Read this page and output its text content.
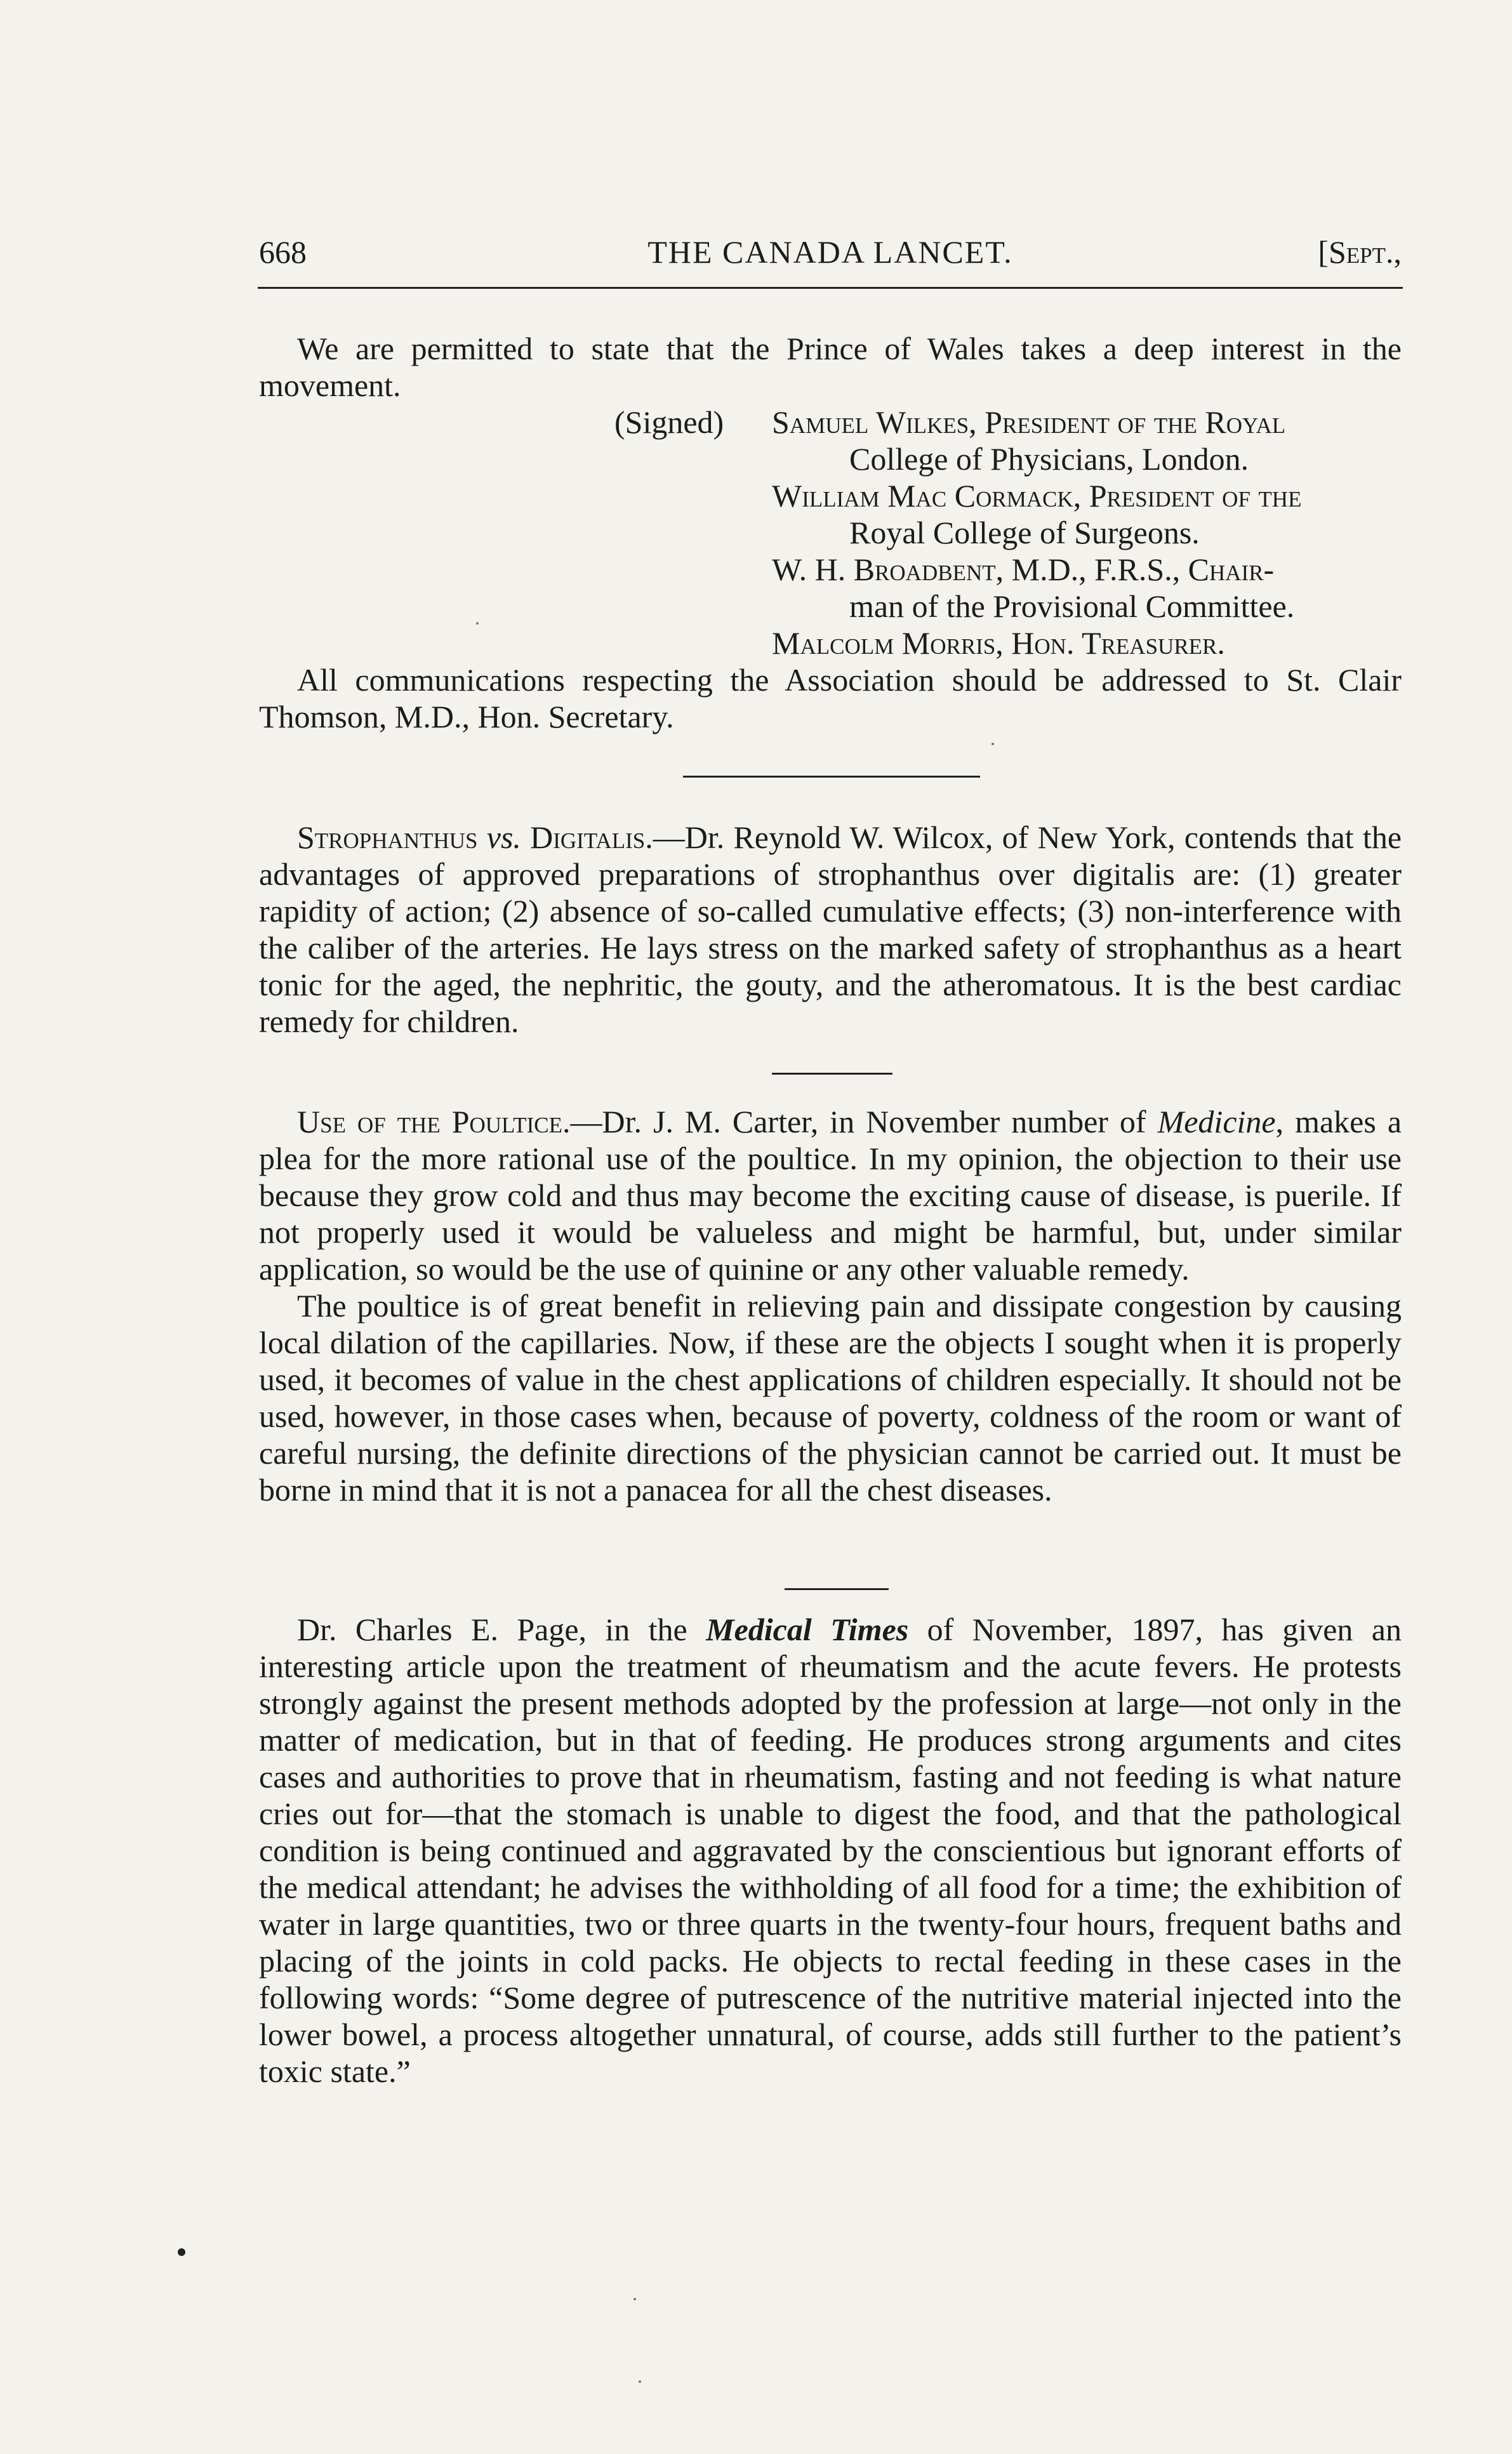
668	THE CANADA LANCET.	[Sept.,

We are permitted to state that the Prince of Wales takes a deep interest in the movement.

(Signed) Samuel Wilkes, President of the Royal
College of Physicians, London.
William Mac Cormack, President of the
Royal College of Surgeons.
W. H. Broadbent, M.D., F.R.S., Chair-
man of the Provisional Committee.
Malcolm Morris, Hon. Treasurer.

All communications respecting the Association should be addressed to St. Clair Thomson, M.D., Hon. Secretary.

Strophanthus vs. Digitalis.—Dr. Reynold W. Wilcox, of New York, contends that the advantages of approved preparations of strophanthus over digitalis are: (1) greater rapidity of action; (2) absence of so-called cumulative effects; (3) non-interference with the caliber of the arteries. He lays stress on the marked safety of strophanthus as a heart tonic for the aged, the nephritic, the gouty, and the atheromatous. It is the best cardiac remedy for children.

Use of the Poultice.—Dr. J. M. Carter, in November number of Medicine, makes a plea for the more rational use of the poultice. In my opinion, the objection to their use because they grow cold and thus may become the exciting cause of disease, is puerile. If not properly used it would be valueless and might be harmful, but, under similar application, so would be the use of quinine or any other valuable remedy.

The poultice is of great benefit in relieving pain and dissipate congestion by causing local dilation of the capillaries. Now, if these are the objects I sought when it is properly used, it becomes of value in the chest applications of children especially. It should not be used, however, in those cases when, because of poverty, coldness of the room or want of careful nursing, the definite directions of the physician cannot be carried out. It must be borne in mind that it is not a panacea for all the chest diseases.

Dr. Charles E. Page, in the Medical Times of November, 1897, has given an interesting article upon the treatment of rheumatism and the acute fevers. He protests strongly against the present methods adopted by the profession at large—not only in the matter of medication, but in that of feeding. He produces strong arguments and cites cases and authorities to prove that in rheumatism, fasting and not feeding is what nature cries out for—that the stomach is unable to digest the food, and that the pathological condition is being continued and aggravated by the conscientious but ignorant efforts of the medical attendant; he advises the withholding of all food for a time; the exhibition of water in large quantities, two or three quarts in the twenty-four hours, frequent baths and placing of the joints in cold packs. He objects to rectal feeding in these cases in the following words: “Some degree of putrescence of the nutritive material injected into the lower bowel, a process altogether unnatural, of course, adds still further to the patient’s toxic state.”
